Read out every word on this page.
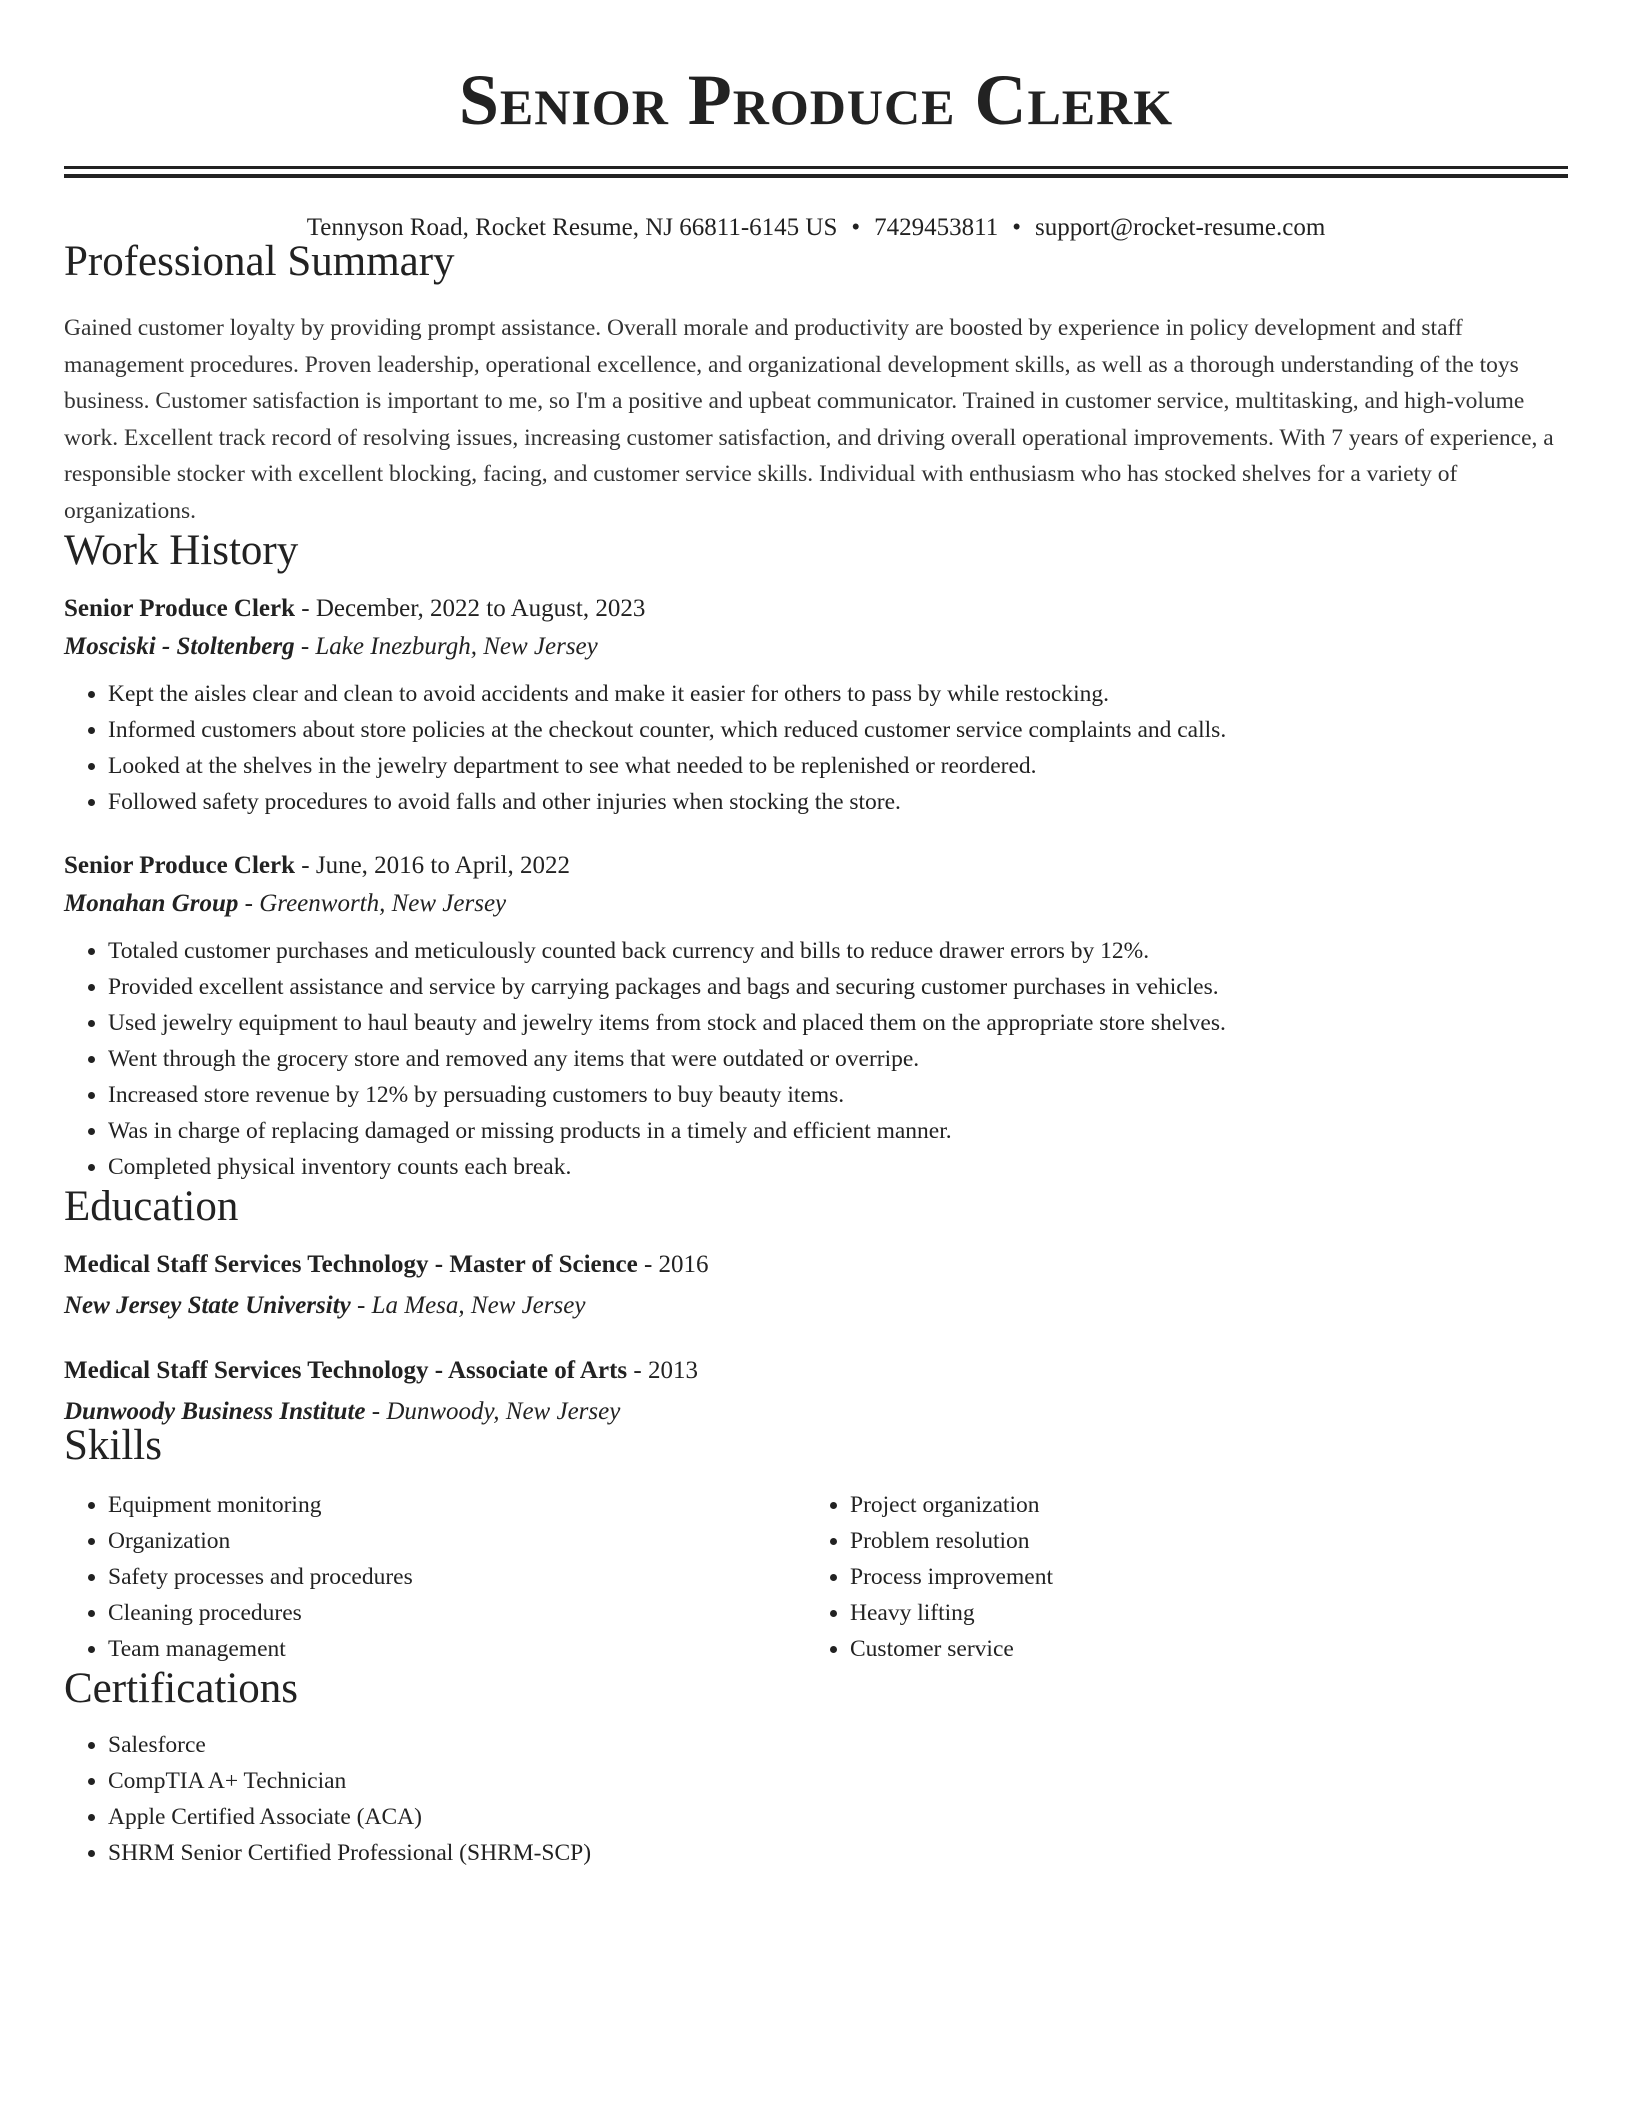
Senior Produce Clerk
Tennyson Road, Rocket Resume, NJ 66811-6145 US • 7429453811 • support@rocket-resume.com
Professional Summary
Gained customer loyalty by providing prompt assistance. Overall morale and productivity are boosted by experience in policy development and staff management procedures. Proven leadership, operational excellence, and organizational development skills, as well as a thorough understanding of the toys business. Customer satisfaction is important to me, so I'm a positive and upbeat communicator. Trained in customer service, multitasking, and high-volume work. Excellent track record of resolving issues, increasing customer satisfaction, and driving overall operational improvements. With 7 years of experience, a responsible stocker with excellent blocking, facing, and customer service skills. Individual with enthusiasm who has stocked shelves for a variety of organizations.
Work History
Senior Produce Clerk - December, 2022 to August, 2023
Mosciski - Stoltenberg - Lake Inezburgh, New Jersey
• Kept the aisles clear and clean to avoid accidents and make it easier for others to pass by while restocking.
• Informed customers about store policies at the checkout counter, which reduced customer service complaints and calls.
• Looked at the shelves in the jewelry department to see what needed to be replenished or reordered.
• Followed safety procedures to avoid falls and other injuries when stocking the store.
Senior Produce Clerk - June, 2016 to April, 2022
Monahan Group - Greenworth, New Jersey
• Totaled customer purchases and meticulously counted back currency and bills to reduce drawer errors by 12%.
• Provided excellent assistance and service by carrying packages and bags and securing customer purchases in vehicles.
• Used jewelry equipment to haul beauty and jewelry items from stock and placed them on the appropriate store shelves.
• Went through the grocery store and removed any items that were outdated or overripe.
• Increased store revenue by 12% by persuading customers to buy beauty items.
• Was in charge of replacing damaged or missing products in a timely and efficient manner.
• Completed physical inventory counts each break.
Education
Medical Staff Services Technology - Master of Science - 2016
New Jersey State University - La Mesa, New Jersey
Medical Staff Services Technology - Associate of Arts - 2013
Dunwoody Business Institute - Dunwoody, New Jersey
Skills
• Equipment monitoring
• Organization
• Safety processes and procedures
• Cleaning procedures
• Team management
• Project organization
• Problem resolution
• Process improvement
• Heavy lifting
• Customer service
Certifications
• Salesforce
• CompTIA A+ Technician
• Apple Certified Associate (ACA)
• SHRM Senior Certified Professional (SHRM-SCP)
